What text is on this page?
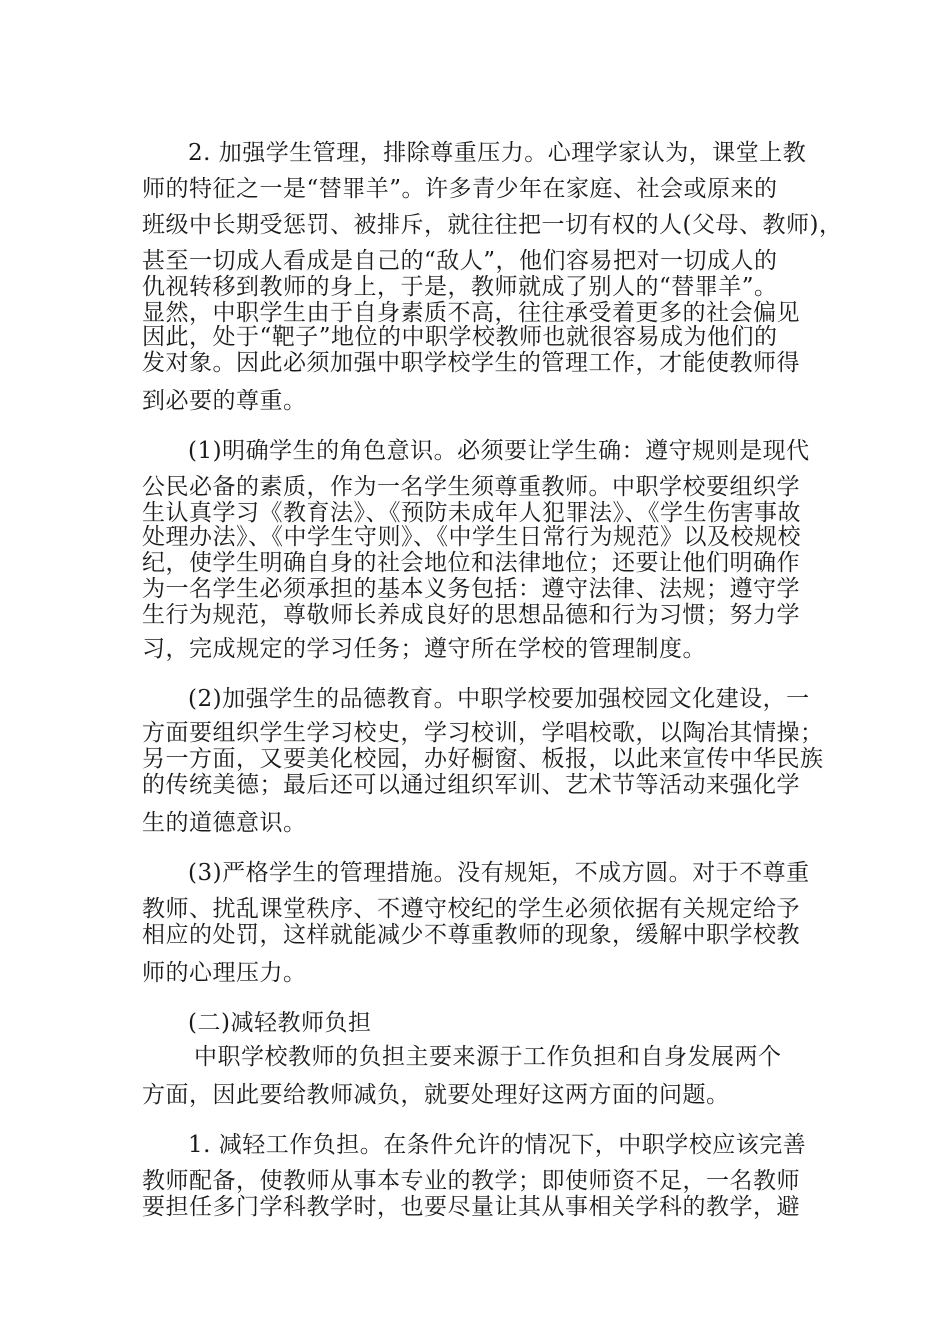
2. 加强学生管理，排除尊重压力。心理学家认为，课堂上教
师的特征之一是“替罪羊”。许多青少年在家庭、社会或原来的
班级中长期受惩罚、被排斥，就往往把一切有权的人(父母、教师)，
甚至一切成人看成是自己的“敌人”，他们容易把对一切成人的
仇视转移到教师的身上，于是，教师就成了别人的“替罪羊”。
显然，中职学生由于自身素质不高，往往承受着更多的社会偏见
因此，处于“靶子”地位的中职学校教师也就很容易成为他们的
发对象。因此必须加强中职学校学生的管理工作，才能使教师得
到必要的尊重。
(1)明确学生的角色意识。必须要让学生确：遵守规则是现代
公民必备的素质，作为一名学生须尊重教师。中职学校要组织学
生认真学习《教育法》、《预防未成年人犯罪法》、《学生伤害事故
处理办法》、《中学生守则》、《中学生日常行为规范》以及校规校
纪，使学生明确自身的社会地位和法律地位；还要让他们明确作
为一名学生必须承担的基本义务包括：遵守法律、法规；遵守学
生行为规范，尊敬师长养成良好的思想品德和行为习惯；努力学
习，完成规定的学习任务；遵守所在学校的管理制度。
(2)加强学生的品德教育。中职学校要加强校园文化建设，一
方面要组织学生学习校史，学习校训，学唱校歌，以陶冶其情操；
另一方面，又要美化校园，办好橱窗、板报，以此来宣传中华民族
的传统美德；最后还可以通过组织军训、艺术节等活动来强化学
生的道德意识。
(3)严格学生的管理措施。没有规矩，不成方圆。对于不尊重
教师、扰乱课堂秩序、不遵守校纪的学生必须依据有关规定给予
相应的处罚，这样就能减少不尊重教师的现象，缓解中职学校教
师的心理压力。
(二)减轻教师负担
中职学校教师的负担主要来源于工作负担和自身发展两个
方面，因此要给教师减负，就要处理好这两方面的问题。
1. 减轻工作负担。在条件允许的情况下，中职学校应该完善
教师配备，使教师从事本专业的教学；即使师资不足，一名教师
要担任多门学科教学时，也要尽量让其从事相关学科的教学，避
